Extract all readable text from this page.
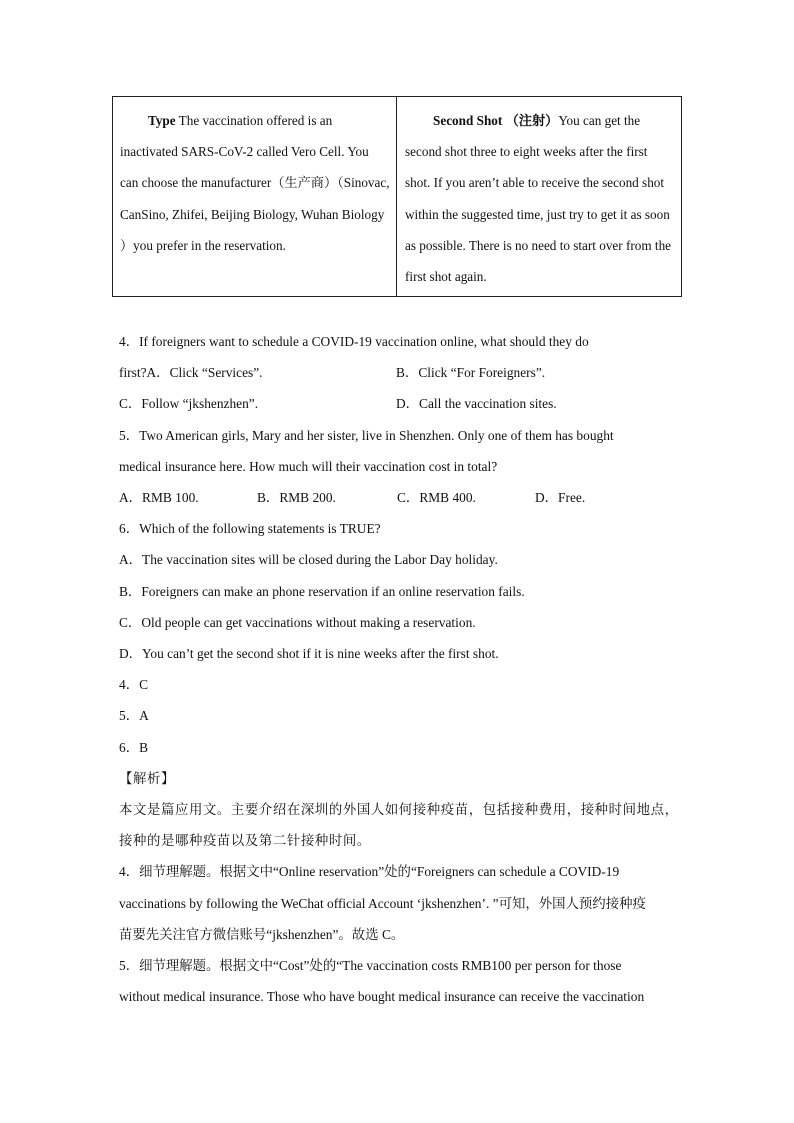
Type The vaccination offered is an inactivated SARS-CoV-2 called Vero Cell. You can choose the manufacturer（生产商）（Sinovac, CanSino, Zhifei, Beijing Biology, Wuhan Biology ）you prefer in the reservation.	Second Shot （注射）You can get the second shot three to eight weeks after the first shot. If you aren’t able to receive the second shot within the suggested time, just try to get it as soon as possible. There is no need to start over from the first shot again.
4．If foreigners want to schedule a COVID-19 vaccination online, what should they do
first?A．Click “Services”.	B．Click “For Foreigners”.
C．Follow “jkshenzhen”.	D．Call the vaccination sites.
5．Two American girls, Mary and her sister, live in Shenzhen. Only one of them has bought
medical insurance here. How much will their vaccination cost in total?
A．RMB 100.	B．RMB 200.	C．RMB 400.	D．Free.
6．Which of the following statements is TRUE?
A．The vaccination sites will be closed during the Labor Day holiday.
B．Foreigners can make an phone reservation if an online reservation fails.
C．Old people can get vaccinations without making a reservation.
D．You can’t get the second shot if it is nine weeks after the first shot.
4．C
5．A
6．B
【解析】
本文是篇应用文。主要介绍在深圳的外国人如何接种疫苗，包括接种费用，接种时间地点，
接种的是哪种疫苗以及第二针接种时间。
4．细节理解题。根据文中“Online reservation”处的“Foreigners can schedule a COVID-19
vaccinations by following the WeChat official Account ‘jkshenzhen’. ”可知，外国人预约接种疫
苗要先关注官方微信账号“jkshenzhen”。故选 C。
5．细节理解题。根据文中“Cost”处的“The vaccination costs RMB100 per person for those
without medical insurance. Those who have bought medical insurance can receive the vaccination
